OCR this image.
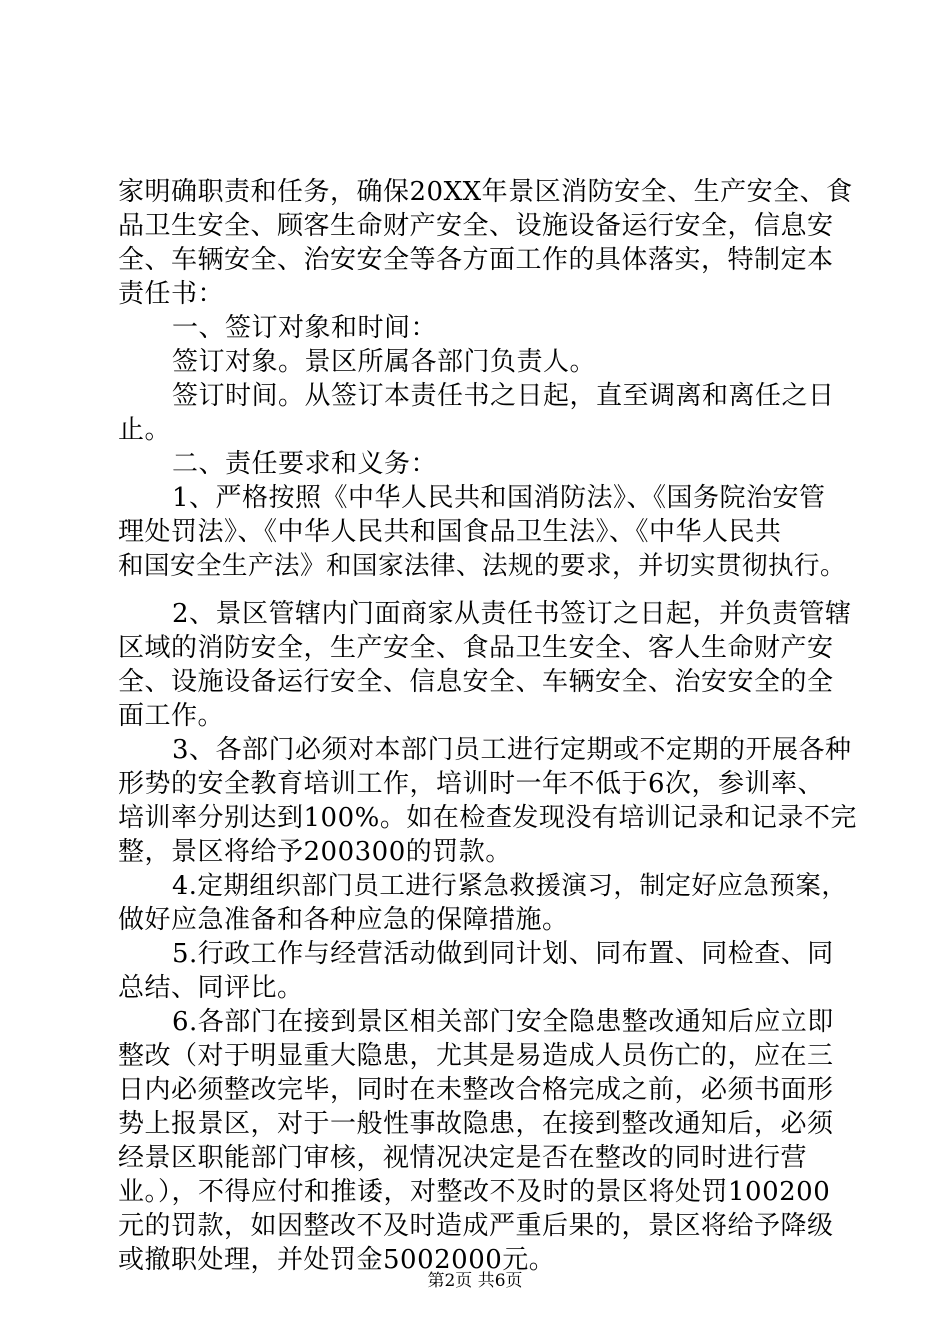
家明确职责和任务，确保20XX年景区消防安全、生产安全、食
品卫生安全、顾客生命财产安全、设施设备运行安全，信息安
全、车辆安全、治安安全等各方面工作的具体落实，特制定本
责任书：
一、签订对象和时间：
签订对象。景区所属各部门负责人。
签订时间。从签订本责任书之日起，直至调离和离任之日
止。
二、责任要求和义务：
1、严格按照《中华人民共和国消防法》、《国务院治安管
理处罚法》、《中华人民共和国食品卫生法》、《中华人民共
和国安全生产法》和国家法律、法规的要求，并切实贯彻执行。
2、景区管辖内门面商家从责任书签订之日起，并负责管辖
区域的消防安全，生产安全、食品卫生安全、客人生命财产安
全、设施设备运行安全、信息安全、车辆安全、治安安全的全
面工作。
3、各部门必须对本部门员工进行定期或不定期的开展各种
形势的安全教育培训工作，培训时一年不低于6次，参训率、
培训率分别达到100%。如在检查发现没有培训记录和记录不完
整，景区将给予200300的罚款。
4.定期组织部门员工进行紧急救援演习，制定好应急预案，
做好应急准备和各种应急的保障措施。
5.行政工作与经营活动做到同计划、同布置、同检查、同
总结、同评比。
6.各部门在接到景区相关部门安全隐患整改通知后应立即
整改（对于明显重大隐患，尤其是易造成人员伤亡的，应在三
日内必须整改完毕，同时在未整改合格完成之前，必须书面形
势上报景区，对于一般性事故隐患，在接到整改通知后，必须
经景区职能部门审核，视情况决定是否在整改的同时进行营
业。），不得应付和推诿，对整改不及时的景区将处罚100200
元的罚款，如因整改不及时造成严重后果的，景区将给予降级
或撤职处理，并处罚金5002000元。
第2页 共6页
